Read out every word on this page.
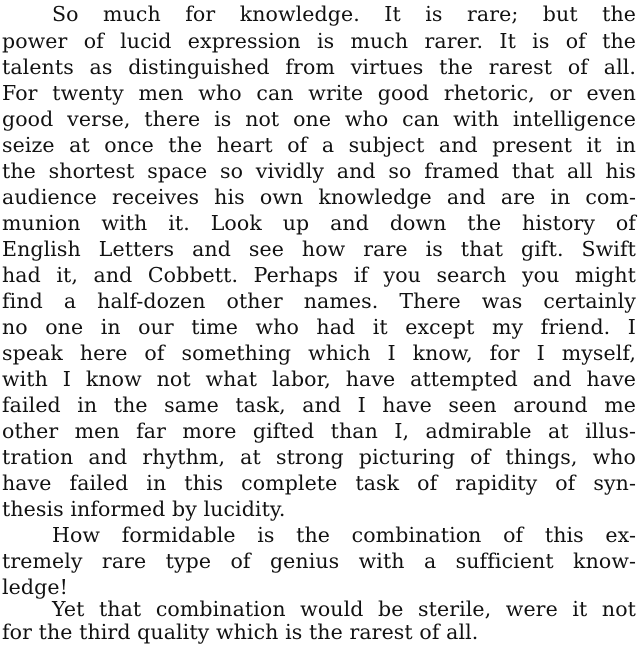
So much for knowledge. It is rare; but the
power of lucid expression is much rarer. It is of the
talents as distinguished from virtues the rarest of all.
For twenty men who can write good rhetoric, or even
good verse, there is not one who can with intelligence
seize at once the heart of a subject and present it in
the shortest space so vividly and so framed that all his
audience receives his own knowledge and are in com-
munion with it. Look up and down the history of
English Letters and see how rare is that gift. Swift
had it, and Cobbett. Perhaps if you search you might
find a half-dozen other names. There was certainly
no one in our time who had it except my friend. I
speak here of something which I know, for I myself,
with I know not what labor, have attempted and have
failed in the same task, and I have seen around me
other men far more gifted than I, admirable at illus-
tration and rhythm, at strong picturing of things, who
have failed in this complete task of rapidity of syn-
thesis informed by lucidity.
How formidable is the combination of this ex-
tremely rare type of genius with a sufficient know-
ledge!
Yet that combination would be sterile, were it not
for the third quality which is the rarest of all.
